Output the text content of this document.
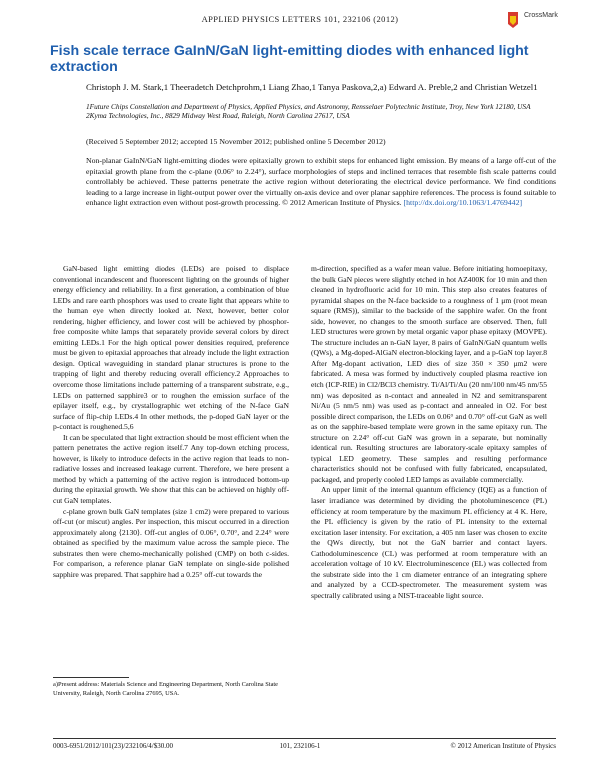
APPLIED PHYSICS LETTERS 101, 232106 (2012)	CrossMark
Fish scale terrace GaInN/GaN light-emitting diodes with enhanced light extraction
Christoph J. M. Stark,1 Theeradetch Detchprohm,1 Liang Zhao,1 Tanya Paskova,2,a) Edward A. Preble,2 and Christian Wetzel1
1Future Chips Constellation and Department of Physics, Applied Physics, and Astronomy, Rensselaer Polytechnic Institute, Troy, New York 12180, USA
2Kyma Technologies, Inc., 8829 Midway West Road, Raleigh, North Carolina 27617, USA
(Received 5 September 2012; accepted 15 November 2012; published online 5 December 2012)
Non-planar GaInN/GaN light-emitting diodes were epitaxially grown to exhibit steps for enhanced light emission. By means of a large off-cut of the epitaxial growth plane from the c-plane (0.06° to 2.24°), surface morphologies of steps and inclined terraces that resemble fish scale patterns could controllably be achieved. These patterns penetrate the active region without deteriorating the electrical device performance. We find conditions leading to a large increase in light-output power over the virtually on-axis device and over planar sapphire references. The process is found suitable to enhance light extraction even without post-growth processing. © 2012 American Institute of Physics. [http://dx.doi.org/10.1063/1.4769442]

GaN-based light emitting diodes (LEDs) are poised to displace conventional incandescent and fluorescent lighting on the grounds of higher energy efficiency and reliability. In a first generation, a combination of blue LEDs and rare earth phosphors was used to create light that appears white to the human eye when directly looked at. Next, however, better color rendering, higher efficiency, and lower cost will be achieved by phosphor-free composite white lamps that separately provide several colors by direct emitting LEDs.1 For the high optical power densities required, preference must be given to epitaxial approaches that already include the light extraction design. Optical waveguiding in standard planar structures is prone to the trapping of light and thereby reducing overall efficiency.2 Approaches to overcome those limitations include patterning of a transparent substrate, e.g., LEDs on patterned sapphire3 or to roughen the emission surface of the epilayer itself, e.g., by crystallographic wet etching of the N-face GaN surface of flip-chip LEDs.4 In other methods, the p-doped GaN layer or the p-contact is roughened.5,6

It can be speculated that light extraction should be most efficient when the pattern penetrates the active region itself.7 Any top-down etching process, however, is likely to introduce defects in the active region that leads to non-radiative losses and increased leakage current. Therefore, we here present a method by which a patterning of the active region is introduced bottom-up during the epitaxial growth. We show that this can be achieved on highly off-cut GaN templates.

c-plane grown bulk GaN templates (size 1 cm2) were prepared to various off-cut (or miscut) angles. Per inspection, this miscut occurred in a direction approximately along ⟨2130⟩. Off-cut angles of 0.06°, 0.70°, and 2.24° were obtained as specified by the maximum value across the sample piece. The substrates then were chemo-mechanically polished (CMP) on both c-sides. For comparison, a reference planar GaN template on single-side polished sapphire was prepared. That sapphire had a 0.25° off-cut towards the

m-direction, specified as a wafer mean value. Before initiating homoepitaxy, the bulk GaN pieces were slightly etched in hot AZ400K for 10 min and then cleaned in hydrofluoric acid for 10 min. This step also creates features of pyramidal shapes on the N-face backside to a roughness of 1 μm (root mean square (RMS)), similar to the backside of the sapphire wafer. On the front side, however, no changes to the smooth surface are observed. Then, full LED structures were grown by metal organic vapor phase epitaxy (MOVPE). The structure includes an n-GaN layer, 8 pairs of GaInN/GaN quantum wells (QWs), a Mg-doped-AlGaN electron-blocking layer, and a p-GaN top layer.8 After Mg-dopant activation, LED dies of size 350 × 350 μm2 were fabricated. A mesa was formed by inductively coupled plasma reactive ion etch (ICP-RIE) in Cl2/BCl3 chemistry. Ti/Al/Ti/Au (20 nm/100 nm/45 nm/55 nm) was deposited as n-contact and annealed in N2 and semitransparent Ni/Au (5 nm/5 nm) was used as p-contact and annealed in O2. For best possible direct comparison, the LEDs on 0.06° and 0.70° off-cut GaN as well as on the sapphire-based template were grown in the same epitaxy run. The structure on 2.24° off-cut GaN was grown in a separate, but nominally identical run. Resulting structures are laboratory-scale epitaxy samples of typical LED geometry. These samples and resulting performance characteristics should not be confused with fully fabricated, encapsulated, packaged, and properly cooled LED lamps as available commercially.

An upper limit of the internal quantum efficiency (IQE) as a function of laser irradiance was determined by dividing the photoluminescence (PL) efficiency at room temperature by the maximum PL efficiency at 4 K. Here, the PL efficiency is given by the ratio of PL intensity to the external excitation laser intensity. For excitation, a 405 nm laser was chosen to excite the QWs directly, but not the GaN barrier and contact layers. Cathodoluminescence (CL) was performed at room temperature with an acceleration voltage of 10 kV. Electroluminescence (EL) was collected from the substrate side into the 1 cm diameter entrance of an integrating sphere and analyzed by a CCD-spectrometer. The measurement system was spectrally calibrated using a NIST-traceable light source.

a)Present address: Materials Science and Engineering Department, North Carolina State University, Raleigh, North Carolina 27695, USA.
0003-6951/2012/101(23)/232106/4/$30.00	101, 232106-1	© 2012 American Institute of Physics
